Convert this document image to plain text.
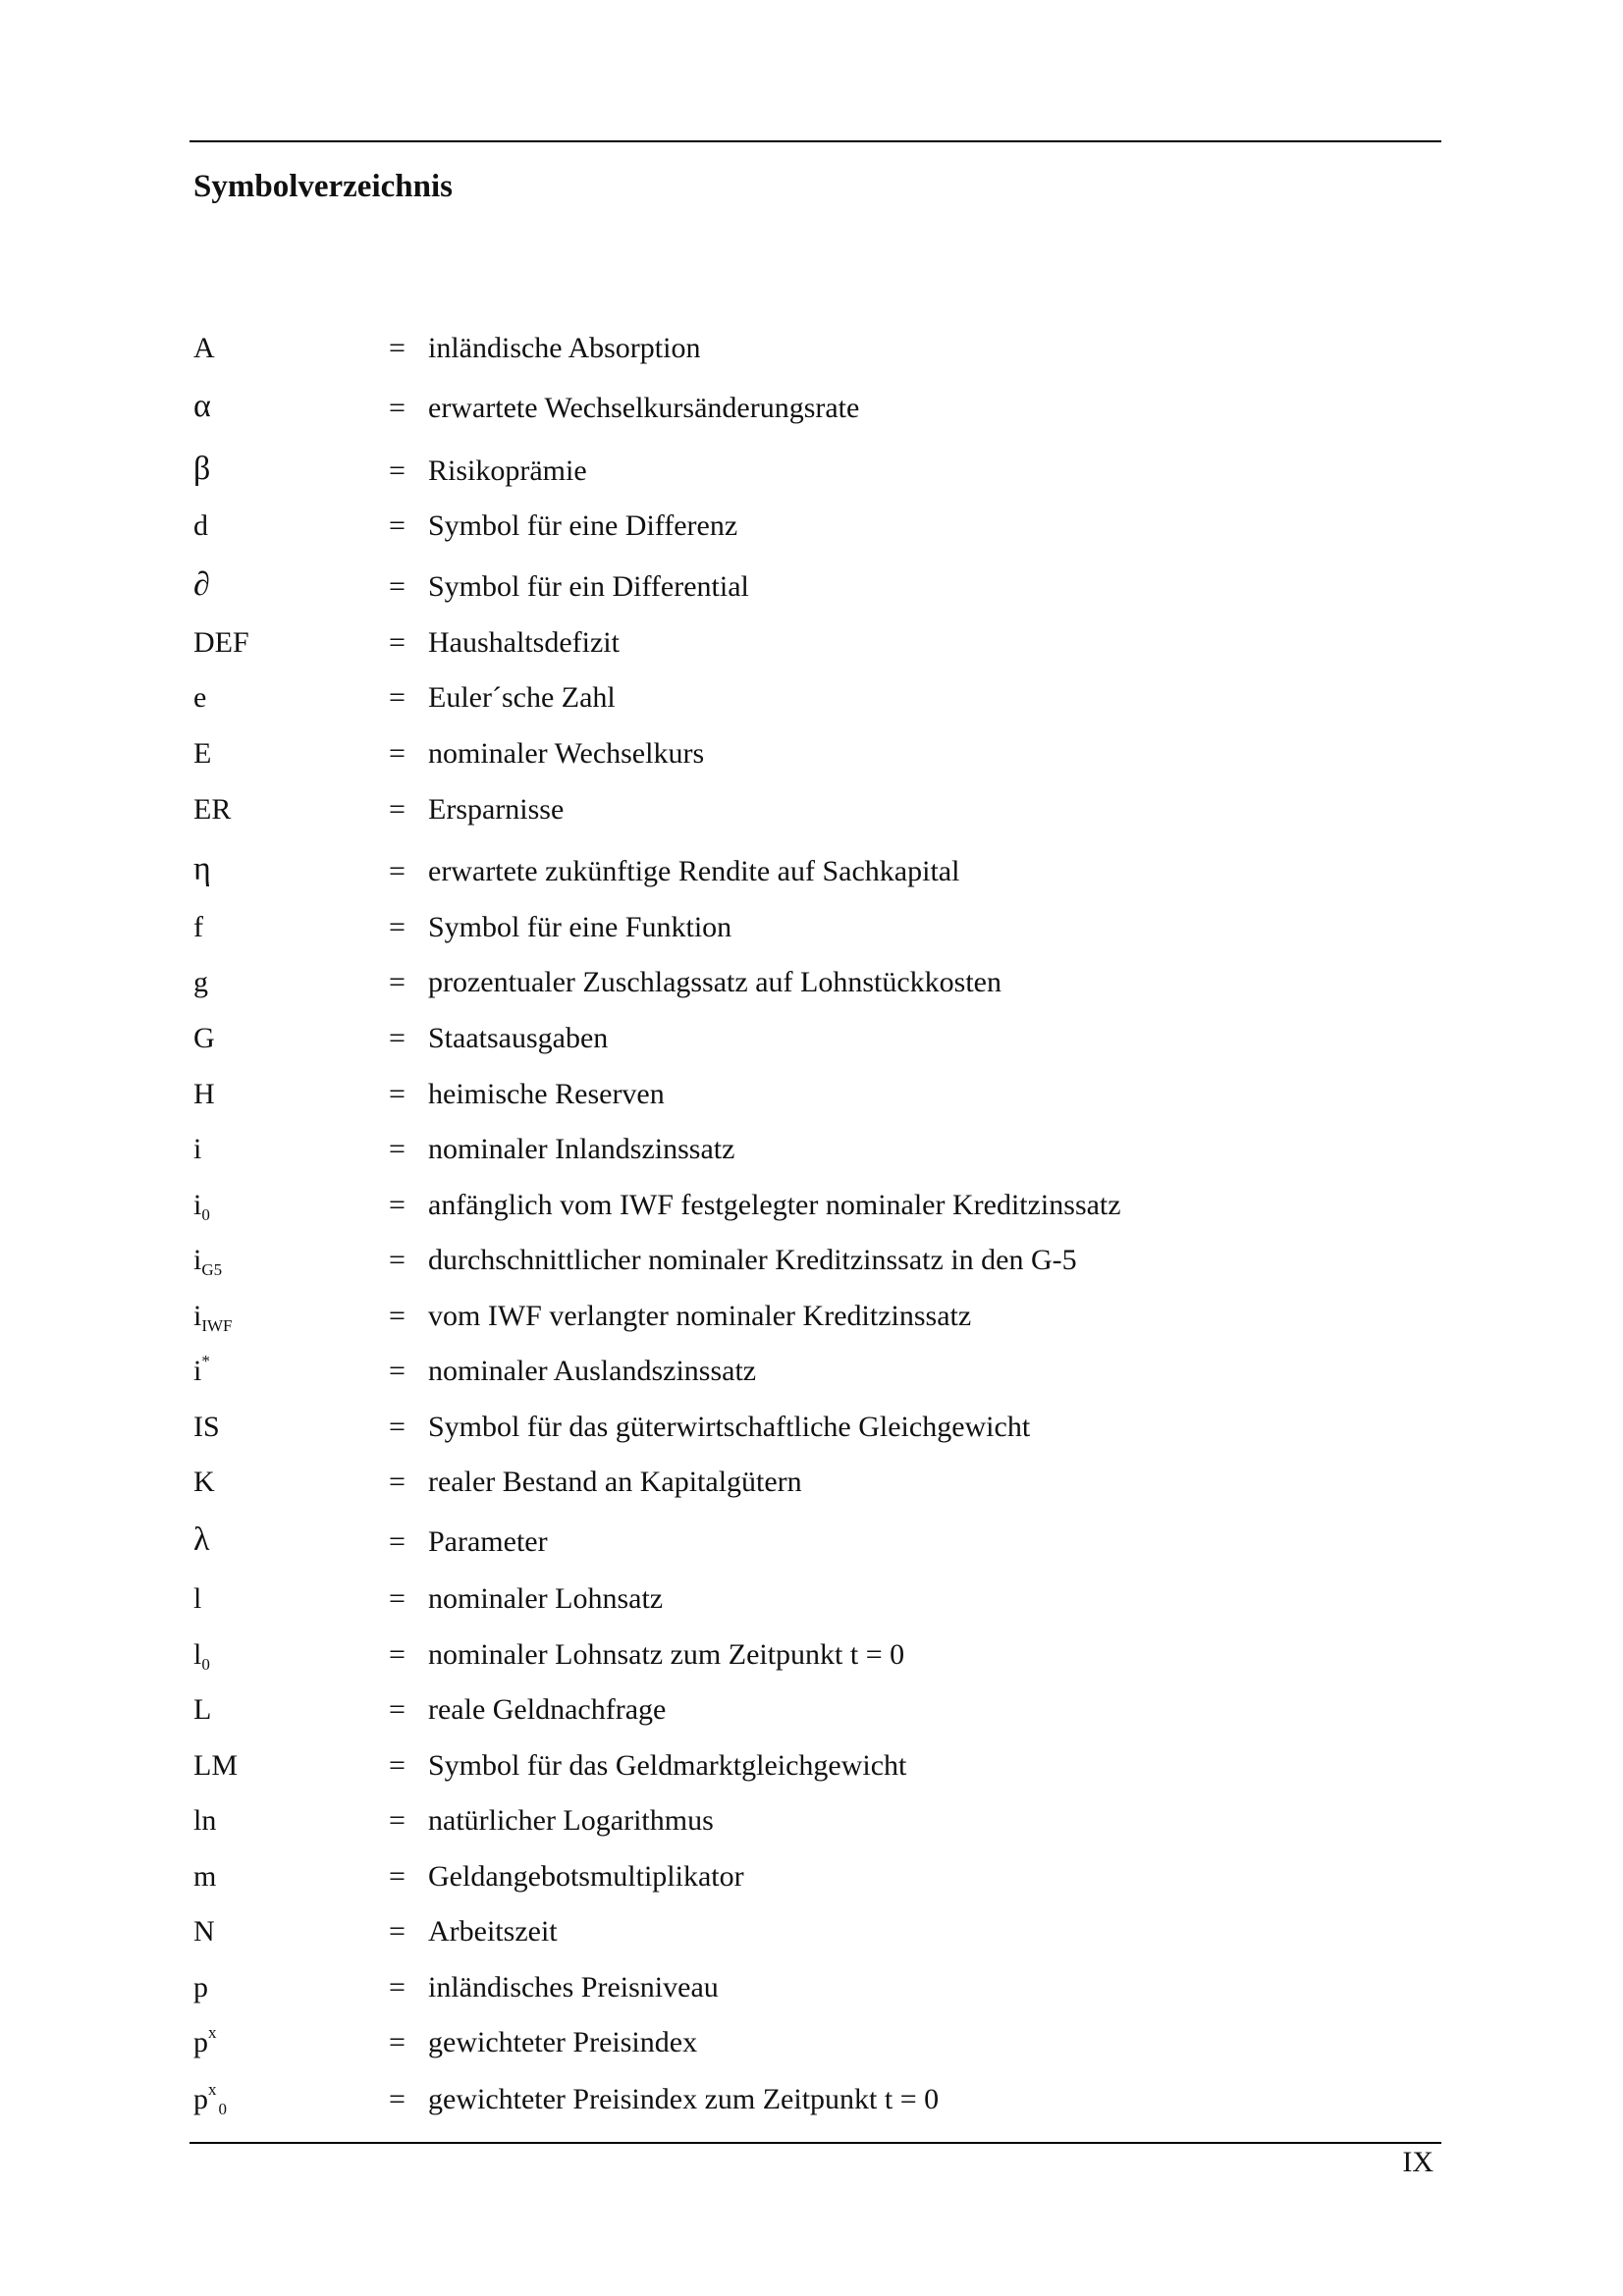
Symbolverzeichnis
A	= inländische Absorption
α	= erwartete Wechselkursänderungsrate
β	= Risikoprämie
d	= Symbol für eine Differenz
∂	= Symbol für ein Differential
DEF	= Haushaltsdefizit
e	= Euler´sche Zahl
E	= nominaler Wechselkurs
ER	= Ersparnisse
η	= erwartete zukünftige Rendite auf Sachkapital
f	= Symbol für eine Funktion
g	= prozentualer Zuschlagssatz auf Lohnstückkosten
G	= Staatsausgaben
H	= heimische Reserven
i	= nominaler Inlandszinssatz
$i_0$	= anfänglich vom IWF festgelegter nominaler Kreditzinssatz
$i_{G5}$	= durchschnittlicher nominaler Kreditzinssatz in den G-5
$i_{IWF}$	= vom IWF verlangter nominaler Kreditzinssatz
i*	= nominaler Auslandszinssatz
IS	= Symbol für das güterwirtschaftliche Gleichgewicht
K	= realer Bestand an Kapitalgütern
λ	= Parameter
l	= nominaler Lohnsatz
$l_0$	= nominaler Lohnsatz zum Zeitpunkt t = 0
L	= reale Geldnachfrage
LM	= Symbol für das Geldmarktgleichgewicht
ln	= natürlicher Logarithmus
m	= Geldangebotsmultiplikator
N	= Arbeitszeit
p	= inländisches Preisniveau
$p^x$	= gewichteter Preisindex
$p^x_0$	= gewichteter Preisindex zum Zeitpunkt t = 0
IX
